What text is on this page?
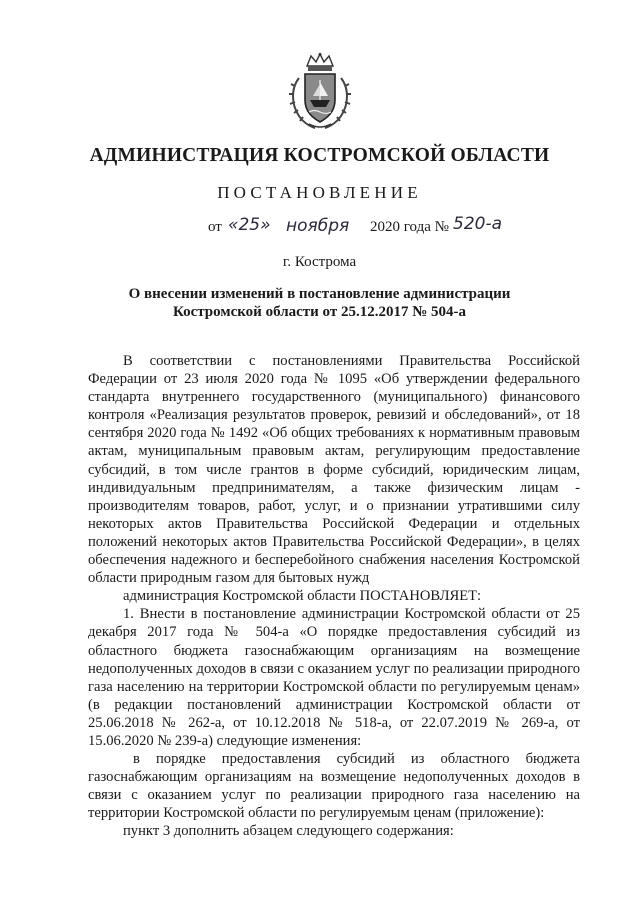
АДМИНИСТРАЦИЯ КОСТРОМСКОЙ ОБЛАСТИ
ПОСТАНОВЛЕНИЕ
от «25» ноября 2020 года № 520-а
г. Кострома
О внесении изменений в постановление администрации
Костромской области от 25.12.2017 № 504-а

В соответствии с постановлениями Правительства Российской Федерации от 23 июля 2020 года № 1095 «Об утверждении федерального стандарта внутреннего государственного (муниципального) финансового контроля «Реализация результатов проверок, ревизий и обследований», от 18 сентября 2020 года № 1492 «Об общих требованиях к нормативным правовым актам, муниципальным правовым актам, регулирующим предоставление субсидий, в том числе грантов в форме субсидий, юридическим лицам, индивидуальным предпринимателям, а также физическим лицам - производителям товаров, работ, услуг, и о признании утратившими силу некоторых актов Правительства Российской Федерации и отдельных положений некоторых актов Правительства Российской Федерации», в целях обеспечения надежного и бесперебойного снабжения населения Костромской области природным газом для бытовых нужд

администрация Костромской области ПОСТАНОВЛЯЕТ:

1. Внести в постановление администрации Костромской области от 25 декабря 2017 года № 504-а «О порядке предоставления субсидий из областного бюджета газоснабжающим организациям на возмещение недополученных доходов в связи с оказанием услуг по реализации природного газа населению на территории Костромской области по регулируемым ценам» (в редакции постановлений администрации Костромской области от 25.06.2018 № 262-а, от 10.12.2018 № 518-а, от 22.07.2019 № 269-а, от 15.06.2020 № 239-а) следующие изменения:

в порядке предоставления субсидий из областного бюджета газоснабжающим организациям на возмещение недополученных доходов в связи с оказанием услуг по реализации природного газа населению на территории Костромской области по регулируемым ценам (приложение):

пункт 3 дополнить абзацем следующего содержания:
